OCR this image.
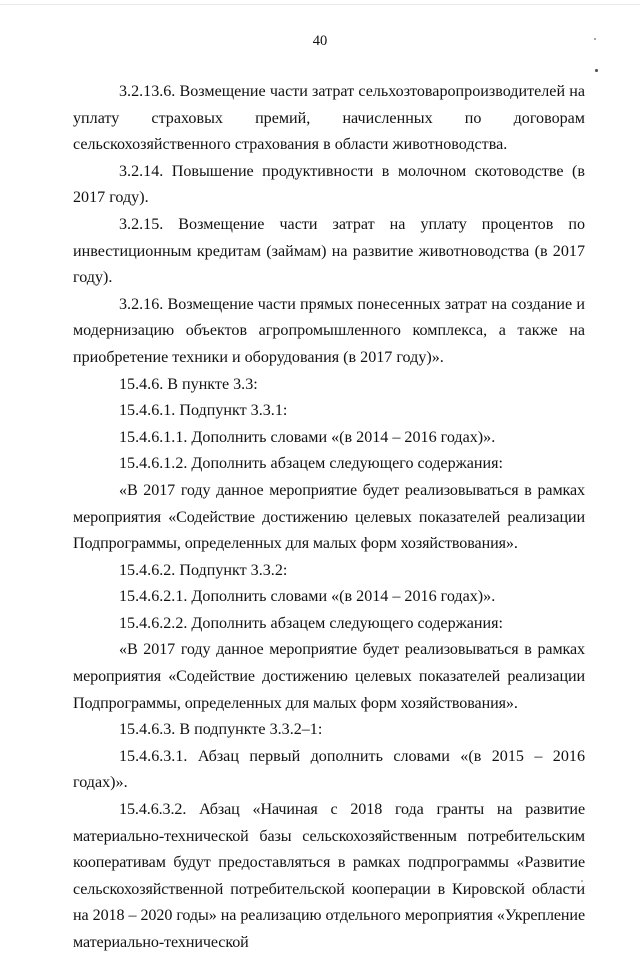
40

3.2.13.6. Возмещение части затрат сельхозтоваропроизводителей на уплату страховых премий, начисленных по договорам сельскохозяйственного страхования в области животноводства.

3.2.14. Повышение продуктивности в молочном скотоводстве (в 2017 году).

3.2.15. Возмещение части затрат на уплату процентов по инвестиционным кредитам (займам) на развитие животноводства (в 2017 году).

3.2.16. Возмещение части прямых понесенных затрат на создание и модернизацию объектов агропромышленного комплекса, а также на приобретение техники и оборудования (в 2017 году)».

15.4.6. В пункте 3.3:

15.4.6.1. Подпункт 3.3.1:

15.4.6.1.1. Дополнить словами «(в 2014 – 2016 годах)».

15.4.6.1.2. Дополнить абзацем следующего содержания:

«В 2017 году данное мероприятие будет реализовываться в рамках мероприятия «Содействие достижению целевых показателей реализации Подпрограммы, определенных для малых форм хозяйствования».

15.4.6.2. Подпункт 3.3.2:

15.4.6.2.1. Дополнить словами «(в 2014 – 2016 годах)».

15.4.6.2.2. Дополнить абзацем следующего содержания:

«В 2017 году данное мероприятие будет реализовываться в рамках мероприятия «Содействие достижению целевых показателей реализации Подпрограммы, определенных для малых форм хозяйствования».

15.4.6.3. В подпункте 3.3.2–1:

15.4.6.3.1. Абзац первый дополнить словами «(в 2015 – 2016 годах)».

15.4.6.3.2. Абзац «Начиная с 2018 года гранты на развитие материально-технической базы сельскохозяйственным потребительским кооперативам будут предоставляться в рамках подпрограммы «Развитие сельскохозяйственной потребительской кооперации в Кировской области на 2018 – 2020 годы» на реализацию отдельного мероприятия «Укрепление материально-технической
